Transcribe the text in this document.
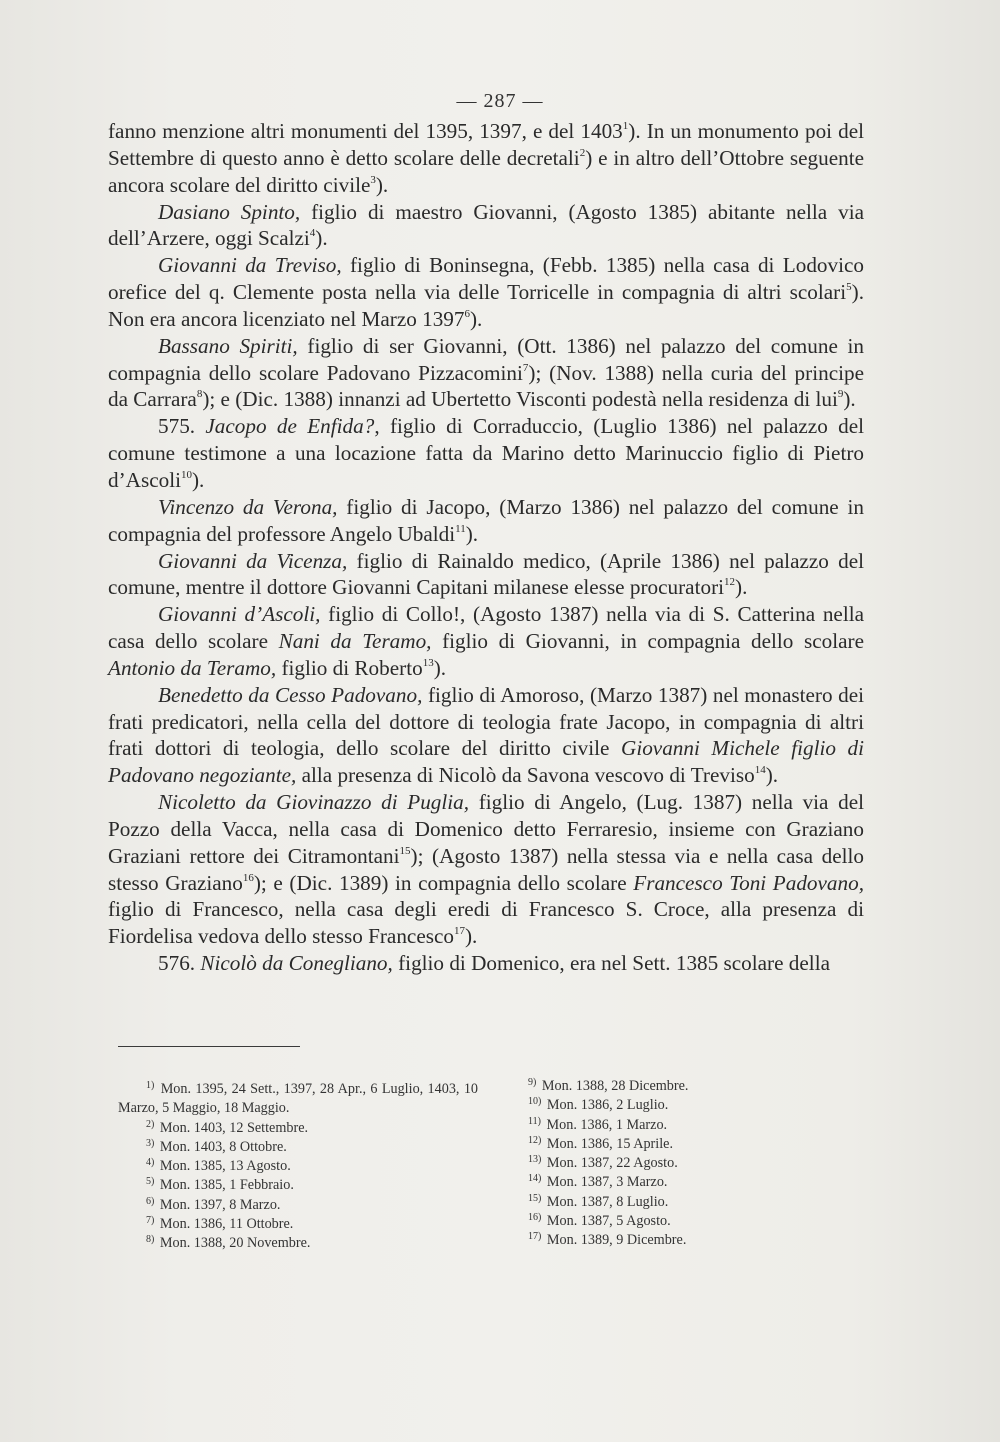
— 287 —

fanno menzione altri monumenti del 1395, 1397, e del 1403$^1$). In un monumento poi del Settembre di questo anno è detto scolare delle decretali$^2$) e in altro dell’Ottobre seguente ancora scolare del diritto civile$^3$).

Dasiano Spinto, figlio di maestro Giovanni, (Agosto 1385) abitante nella via dell’Arzere, oggi Scalzi$^4$).

Giovanni da Treviso, figlio di Boninsegna, (Febb. 1385) nella casa di Lodovico orefice del q. Clemente posta nella via delle Torricelle in compagnia di altri scolari$^5$). Non era ancora licenziato nel Marzo 1397$^6$).

Bassano Spiriti, figlio di ser Giovanni, (Ott. 1386) nel palazzo del comune in compagnia dello scolare Padovano Pizzacomini$^7$); (Nov. 1388) nella curia del principe da Carrara$^8$); e (Dic. 1388) innanzi ad Ubertetto Visconti podestà nella residenza di lui$^9$).

575. Jacopo de Enfida?, figlio di Corraduccio, (Luglio 1386) nel palazzo del comune testimone a una locazione fatta da Marino detto Marinuccio figlio di Pietro d’Ascoli$^{10}$).

Vincenzo da Verona, figlio di Jacopo, (Marzo 1386) nel palazzo del comune in compagnia del professore Angelo Ubaldi$^{11}$).

Giovanni da Vicenza, figlio di Rainaldo medico, (Aprile 1386) nel palazzo del comune, mentre il dottore Giovanni Capitani milanese elesse procuratori$^{12}$).

Giovanni d’Ascoli, figlio di Collo!, (Agosto 1387) nella via di S. Catterina nella casa dello scolare Nani da Teramo, figlio di Giovanni, in compagnia dello scolare Antonio da Teramo, figlio di Roberto$^{13}$).

Benedetto da Cesso Padovano, figlio di Amoroso, (Marzo 1387) nel monastero dei frati predicatori, nella cella del dottore di teologia frate Jacopo, in compagnia di altri frati dottori di teologia, dello scolare del diritto civile Giovanni Michele figlio di Padovano negoziante, alla presenza di Nicolò da Savona vescovo di Treviso$^{14}$).

Nicoletto da Giovinazzo di Puglia, figlio di Angelo, (Lug. 1387) nella via del Pozzo della Vacca, nella casa di Domenico detto Ferraresio, insieme con Graziano Graziani rettore dei Citramontani$^{15}$); (Agosto 1387) nella stessa via e nella casa dello stesso Graziano$^{16}$); e (Dic. 1389) in compagnia dello scolare Francesco Toni Padovano, figlio di Francesco, nella casa degli eredi di Francesco S. Croce, alla presenza di Fiordelisa vedova dello stesso Francesco$^{17}$).

576. Nicolò da Conegliano, figlio di Domenico, era nel Sett. 1385 scolare della

$^{1)}$ Mon. 1395, 24 Sett., 1397, 28 Apr., 6 Luglio, 1403, 10 Marzo, 5 Maggio, 18 Maggio.
$^{2)}$ Mon. 1403, 12 Settembre.
$^{3)}$ Mon. 1403, 8 Ottobre.
$^{4)}$ Mon. 1385, 13 Agosto.
$^{5)}$ Mon. 1385, 1 Febbraio.
$^{6)}$ Mon. 1397, 8 Marzo.
$^{7)}$ Mon. 1386, 11 Ottobre.
$^{8)}$ Mon. 1388, 20 Novembre.
$^{9)}$ Mon. 1388, 28 Dicembre.
$^{10)}$ Mon. 1386, 2 Luglio.
$^{11)}$ Mon. 1386, 1 Marzo.
$^{12)}$ Mon. 1386, 15 Aprile.
$^{13)}$ Mon. 1387, 22 Agosto.
$^{14)}$ Mon. 1387, 3 Marzo.
$^{15)}$ Mon. 1387, 8 Luglio.
$^{16)}$ Mon. 1387, 5 Agosto.
$^{17)}$ Mon. 1389, 9 Dicembre.
